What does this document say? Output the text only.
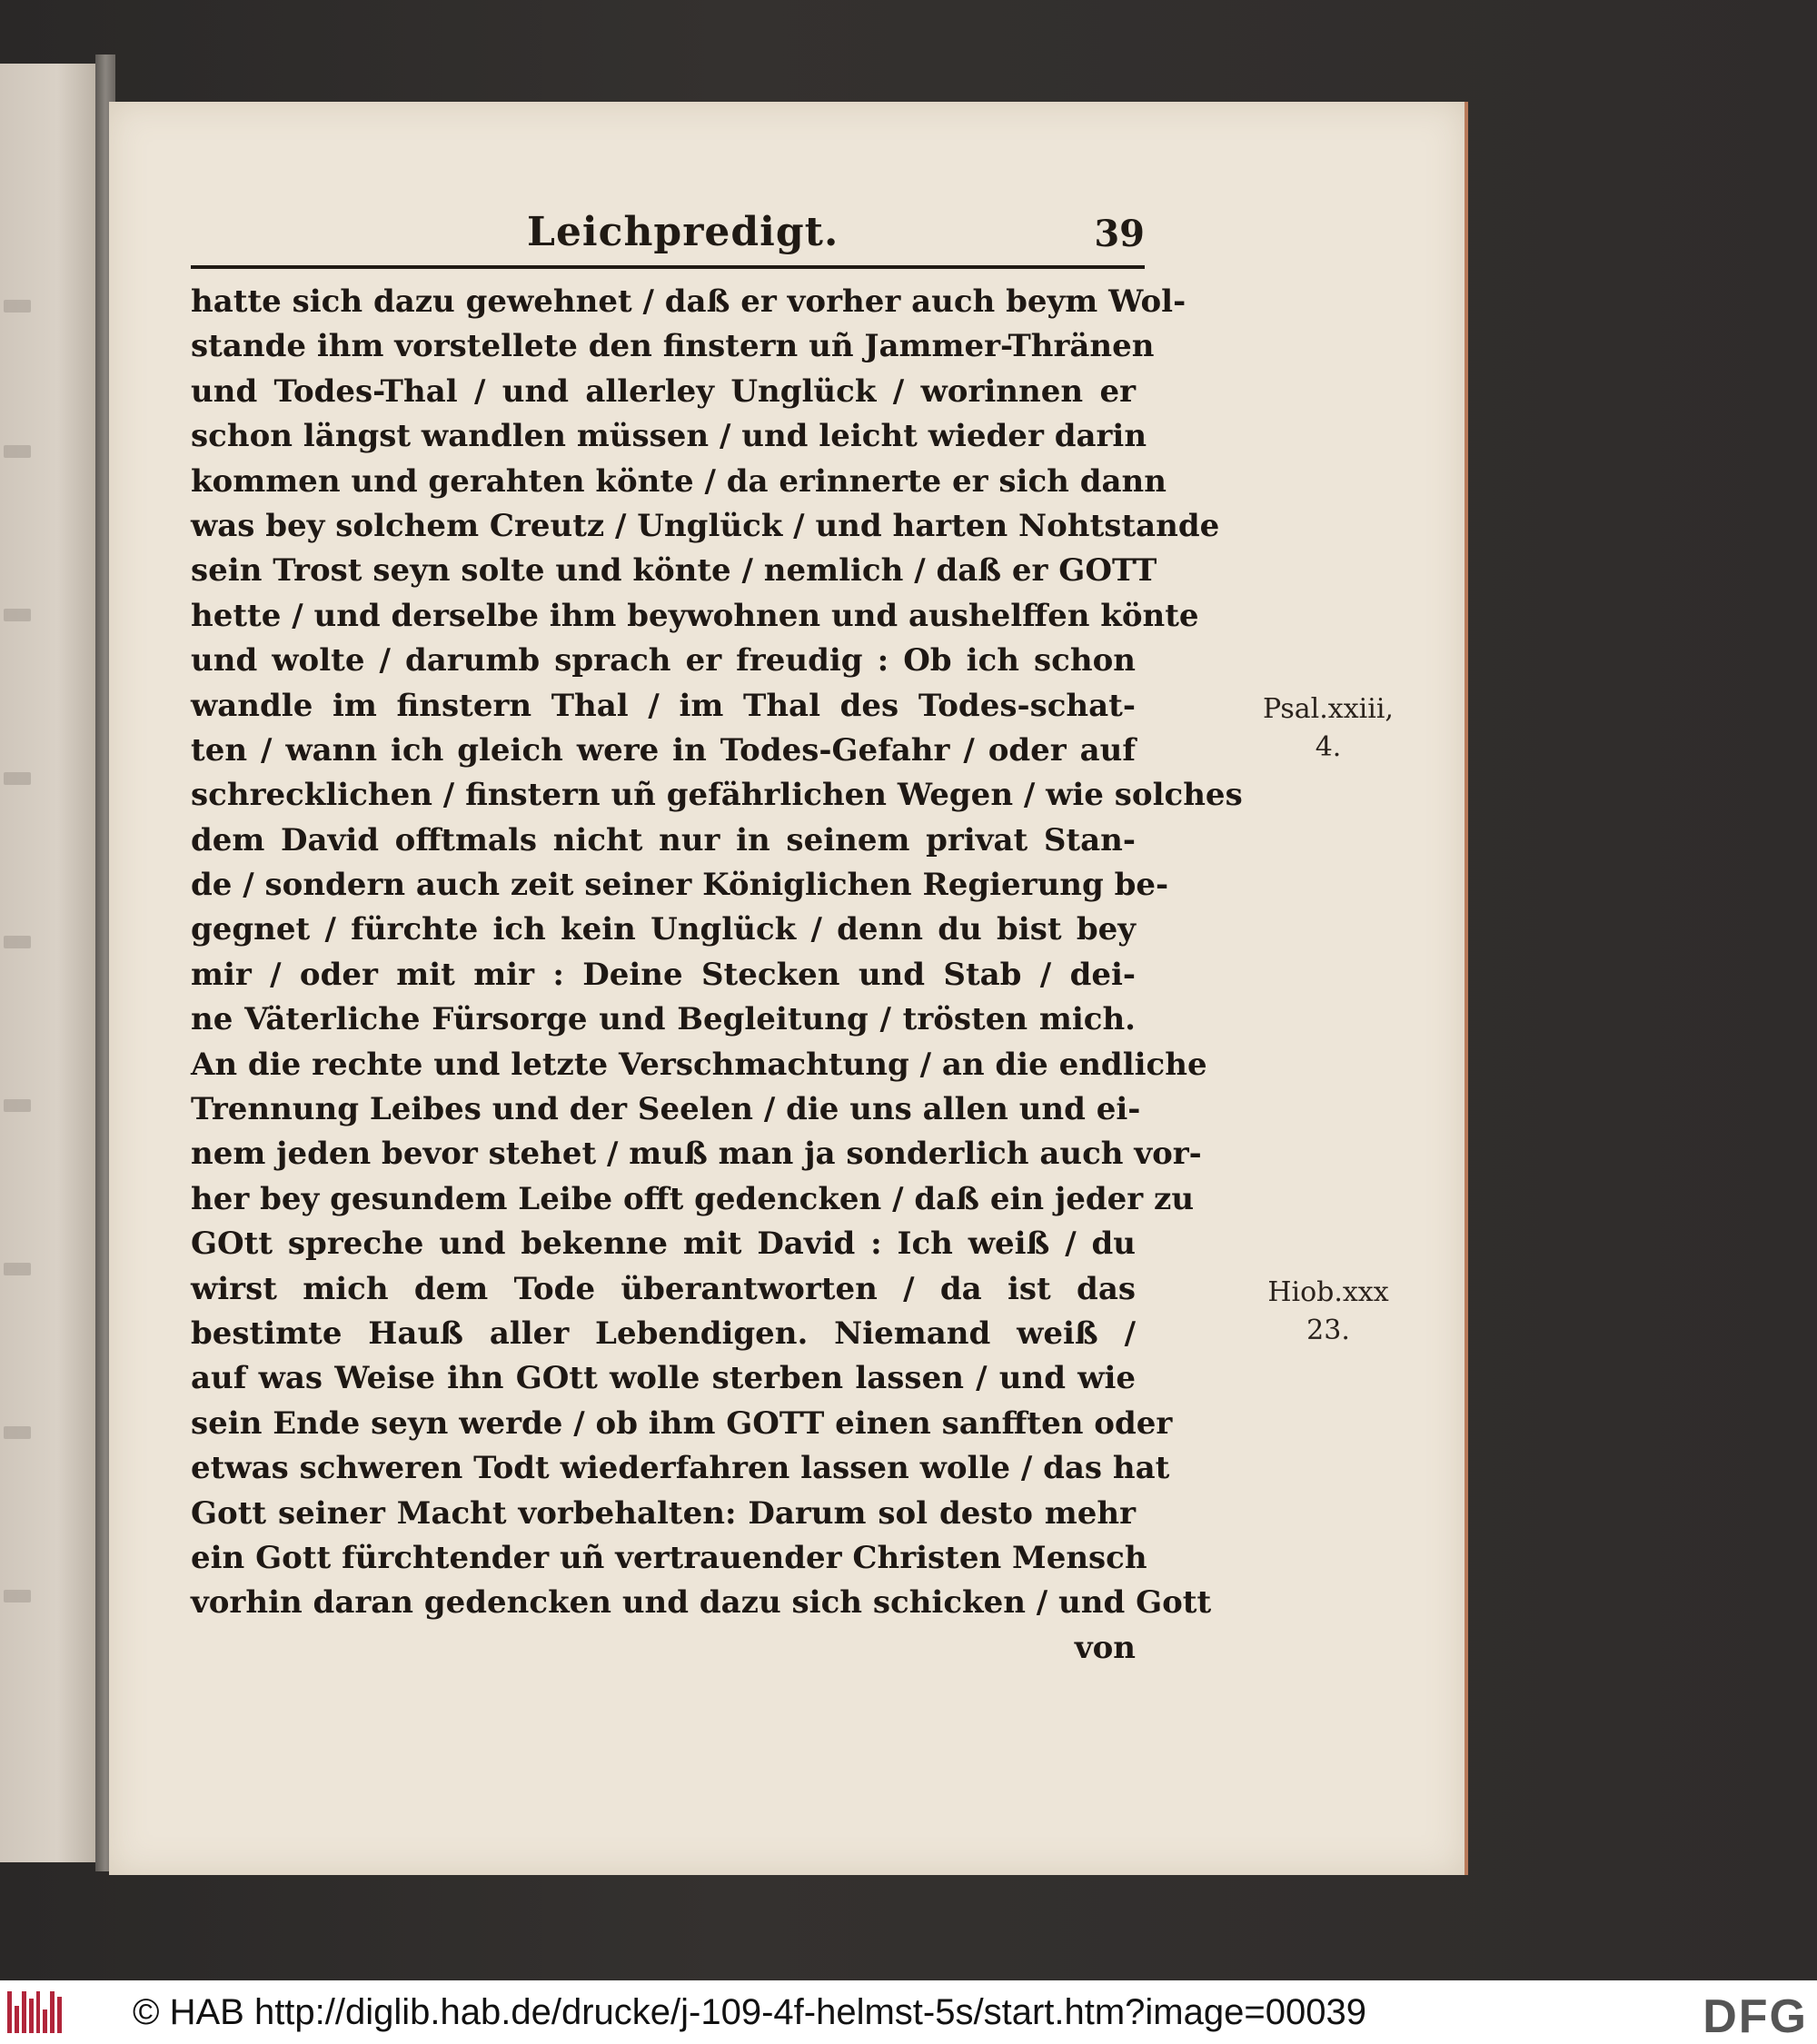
Leichpredigt.	39
hatte sich dazu gewehnet / daß er vorher auch beym Wol-
stande ihm vorstellete den finstern uñ Jammer-Thränen
und Todes-Thal / und allerley Unglück / worinnen er
schon längst wandlen müssen / und leicht wieder darin
kommen und gerahten könte / da erinnerte er sich dann
was bey solchem Creutz / Unglück / und harten Nohtstande
sein Trost seyn solte und könte / nemlich / daß er GOTT
hette / und derselbe ihm beywohnen und aushelffen könte
und wolte / darumb sprach er freudig : Ob ich schon
wandle im finstern Thal / im Thal des Todes-schat-
ten / wann ich gleich were in Todes-Gefahr / oder auf
schrecklichen / finstern uñ gefährlichen Wegen / wie solches
dem David offtmals nicht nur in seinem privat Stan-
de / sondern auch zeit seiner Königlichen Regierung be-
gegnet / fürchte ich kein Unglück / denn du bist bey
mir / oder mit mir : Deine Stecken und Stab / dei-
ne Väterliche Fürsorge und Begleitung / trösten mich.
An die rechte und letzte Verschmachtung / an die endliche
Trennung Leibes und der Seelen / die uns allen und ei-
nem jeden bevor stehet / muß man ja sonderlich auch vor-
her bey gesundem Leibe offt gedencken / daß ein jeder zu
GOtt spreche und bekenne mit David : Ich weiß / du
wirst mich dem Tode überantworten / da ist das
bestimte Hauß aller Lebendigen. Niemand weiß /
auf was Weise ihn GOtt wolle sterben lassen / und wie
sein Ende seyn werde / ob ihm GOTT einen sanfften oder
etwas schweren Todt wiederfahren lassen wolle / das hat
Gott seiner Macht vorbehalten: Darum sol desto mehr
ein Gott fürchtender uñ vertrauender Christen Mensch
vorhin daran gedencken und dazu sich schicken / und Gott
von
Psal.xxiii,
4.
Hiob.xxx
23.
© HAB http://diglib.hab.de/drucke/j-109-4f-helmst-5s/start.htm?image=00039	DFG
